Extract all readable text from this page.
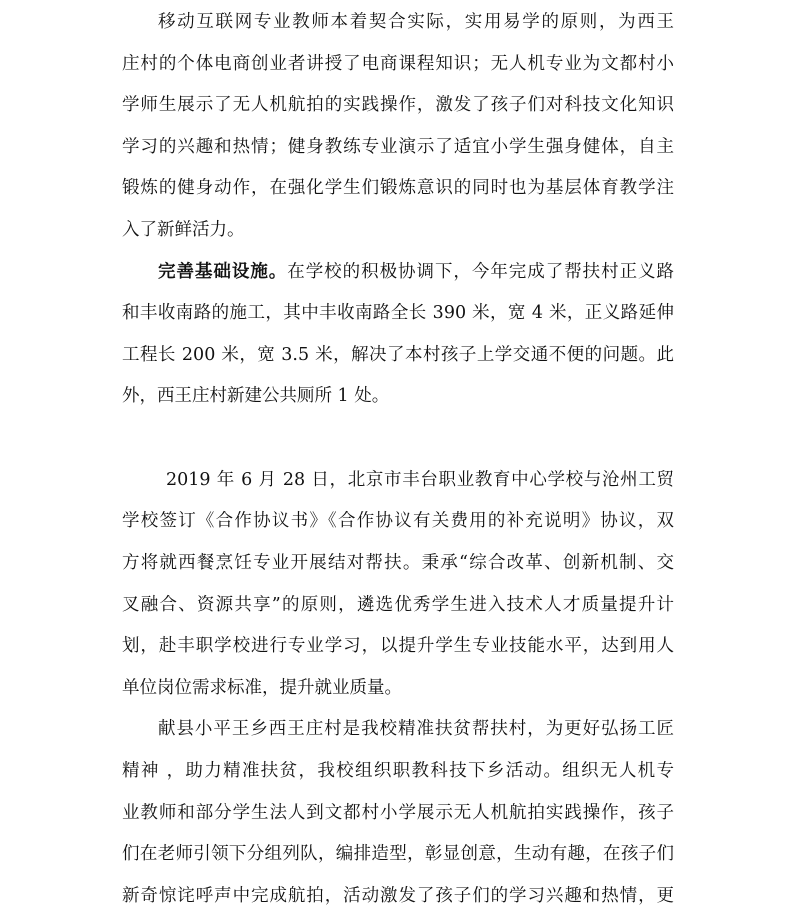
移动互联网专业教师本着契合实际，实用易学的原则，为西王
庄村的个体电商创业者讲授了电商课程知识；无人机专业为文都村小
学师生展示了无人机航拍的实践操作，激发了孩子们对科技文化知识
学习的兴趣和热情；健身教练专业演示了适宜小学生强身健体，自主
锻炼的健身动作，在强化学生们锻炼意识的同时也为基层体育教学注
入了新鲜活力。
完善基础设施。在学校的积极协调下，今年完成了帮扶村正义路
和丰收南路的施工，其中丰收南路全长 390 米，宽 4 米，正义路延伸
工程长 200 米，宽 3.5 米，解决了本村孩子上学交通不便的问题。此
外，西王庄村新建公共厕所 1 处。
2019 年 6 月 28 日，北京市丰台职业教育中心学校与沧州工贸
学校签订《合作协议书》《合作协议有关费用的补充说明》协议，双
方将就西餐烹饪专业开展结对帮扶。秉承“综合改革、创新机制、交
叉融合、资源共享”的原则，遴选优秀学生进入技术人才质量提升计
划，赴丰职学校进行专业学习，以提升学生专业技能水平，达到用人
单位岗位需求标准，提升就业质量。
献县小平王乡西王庄村是我校精准扶贫帮扶村，为更好弘扬工匠
精神 ，助力精准扶贫，我校组织职教科技下乡活动。组织无人机专
业教师和部分学生法人到文都村小学展示无人机航拍实践操作，孩子
们在老师引领下分组列队，编排造型，彰显创意，生动有趣，在孩子们
新奇惊诧呼声中完成航拍，活动激发了孩子们的学习兴趣和热情，更
